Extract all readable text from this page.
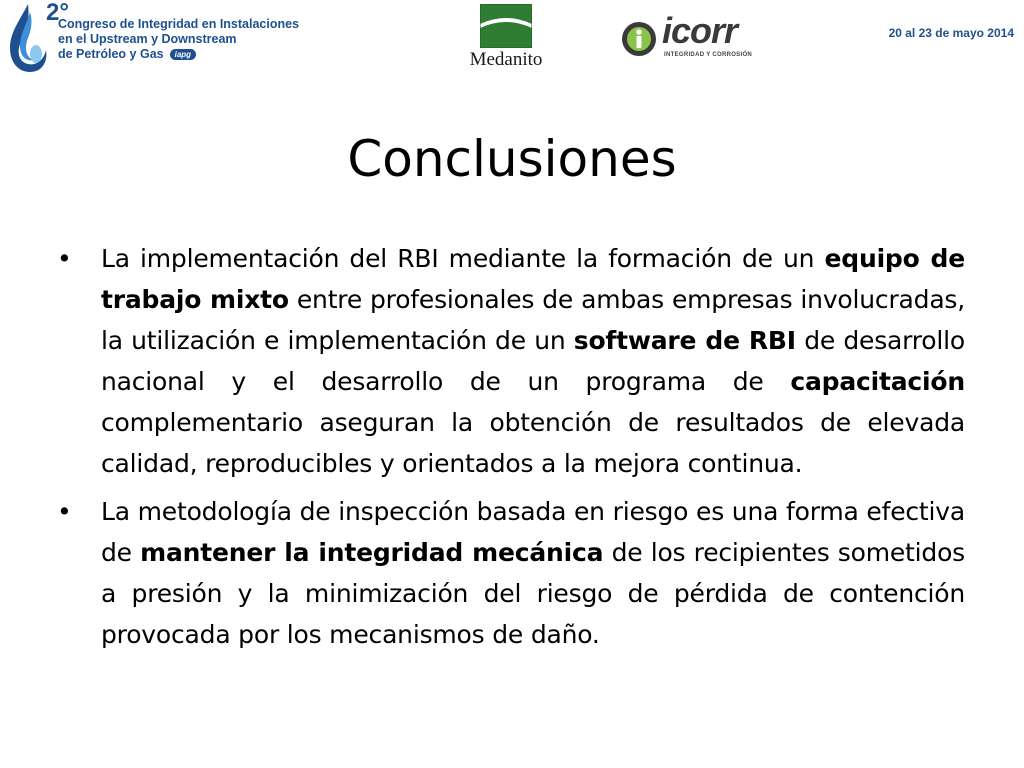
2°
Congreso de Integridad en Instalaciones
en el Upstream y Downstream
de Petróleo y Gas iapg	Medanito
icorr
INTEGRIDAD Y CORROSIÓN
20 al 23 de mayo 2014
Conclusiones
• La implementación del RBI mediante la formación de un equipo de trabajo mixto entre profesionales de ambas empresas involucradas, la utilización e implementación de un software de RBI de desarrollo nacional y el desarrollo de un programa de capacitación complementario aseguran la obtención de resultados de elevada calidad, reproducibles y orientados a la mejora continua.
• La metodología de inspección basada en riesgo es una forma efectiva de mantener la integridad mecánica de los recipientes sometidos a presión y la minimización del riesgo de pérdida de contención provocada por los mecanismos de daño.
